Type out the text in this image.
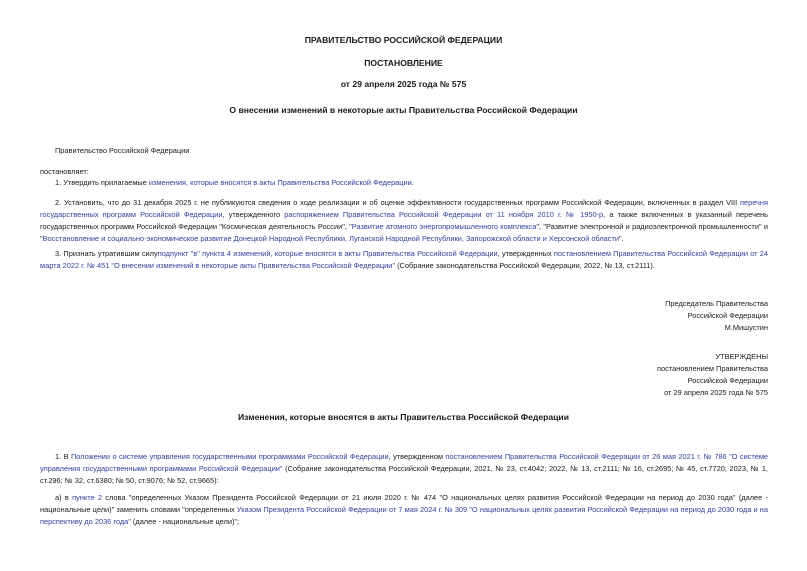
ПРАВИТЕЛЬСТВО РОССИЙСКОЙ ФЕДЕРАЦИИ
ПОСТАНОВЛЕНИЕ
от 29 апреля 2025 года № 575
О внесении изменений в некоторые акты Правительства Российской Федерации
Правительство Российской Федерации
постановляет:
1. Утвердить прилагаемые изменения, которые вносятся в акты Правительства Российской Федерации.
2. Установить, что до 31 декабря 2025 г. не публикуются сведения о ходе реализации и об оценке эффективности государственных программ Российской Федерации, включенных в раздел VIII перечня государственных программ Российской Федерации, утвержденного распоряжением Правительства Российской Федерации от 11 ноября 2010 г. № 1950-р, а также включенных в указанный перечень государственных программ Российской Федерации "Космическая деятельность России", "Развитие атомного энергопромышленного комплекса", "Развитие электронной и радиоэлектронной промышленности" и "Восстановление и социально-экономическое развитие Донецкой Народной Республики, Луганской Народной Республики, Запорожской области и Херсонской области".
3. Признать утратившим силуподпункт "в" пункта 4 изменений, которые вносятся в акты Правительства Российской Федерации, утвержденных постановлением Правительства Российской Федерации от 24 марта 2022 г. № 451 "О внесении изменений в некоторые акты Правительства Российской Федерации" (Собрание законодательства Российской Федерации, 2022, № 13, ст.2111).
Председатель Правительства
Российской Федерации
М.Мишустин
УТВЕРЖДЕНЫ
постановлением Правительства
Российской Федерации
от 29 апреля 2025 года № 575
Изменения, которые вносятся в акты Правительства Российской Федерации
1. В Положении о системе управления государственными программами Российской Федерации, утвержденном постановлением Правительства Российской Федерации от 26 мая 2021 г. № 786 "О системе управления государственными программами Российской Федерации" (Собрание законодательства Российской Федерации, 2021, № 23, ст.4042; 2022, № 13, ст.2111; № 16, ст.2695; № 45, ст.7720; 2023, № 1, ст.296; № 32, ст.6380; № 50, ст.9076; № 52, ст.9665):
а) в пункте 2 слова "определенных Указом Президента Российской Федерации от 21 июля 2020 г. № 474 "О национальных целях развития Российской Федерации на период до 2030 года" (далее - национальные цели)" заменить словами "определенных Указом Президента Российской Федерации от 7 мая 2024 г. № 309 "О национальных целях развития Российской Федерации на период до 2030 года и на перспективу до 2036 года" (далее - национальные цели)";
